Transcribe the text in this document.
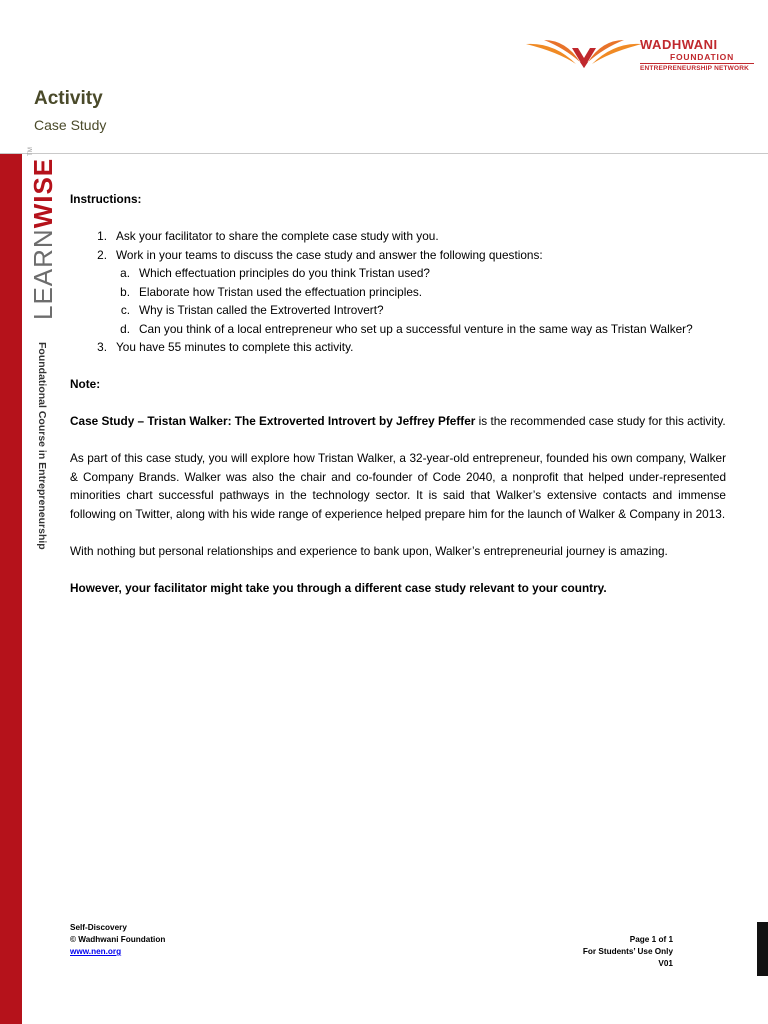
WADHWANI
FOUNDATION
ENTREPRENEURSHIP NETWORK
Activity
Case Study
LEARN
WISE
TM
Foundational Course in Entrepreneurship

Instructions:

1. Ask your facilitator to share the complete case study with you.
2. Work in your teams to discuss the case study and answer the following questions:
a. Which effectuation principles do you think Tristan used?
b. Elaborate how Tristan used the effectuation principles.
c. Why is Tristan called the Extroverted Introvert?
d. Can you think of a local entrepreneur who set up a successful venture in the same way as Tristan Walker?
3. You have 55 minutes to complete this activity.

Note:

Case Study – Tristan Walker: The Extroverted Introvert by Jeffrey Pfeffer is the recommended case study for this activity.

As part of this case study, you will explore how Tristan Walker, a 32-year-old entrepreneur, founded his own company, Walker & Company Brands. Walker was also the chair and co-founder of Code 2040, a nonprofit that helped under-represented minorities chart successful pathways in the technology sector. It is said that Walker’s extensive contacts and immense following on Twitter, along with his wide range of experience helped prepare him for the launch of Walker & Company in 2013.

With nothing but personal relationships and experience to bank upon, Walker’s entrepreneurial journey is amazing.

However, your facilitator might take you through a different case study relevant to your country.

Self-Discovery
© Wadhwani Foundation
www.nen.org
Page 1 of 1
For Students’ Use Only
V01
